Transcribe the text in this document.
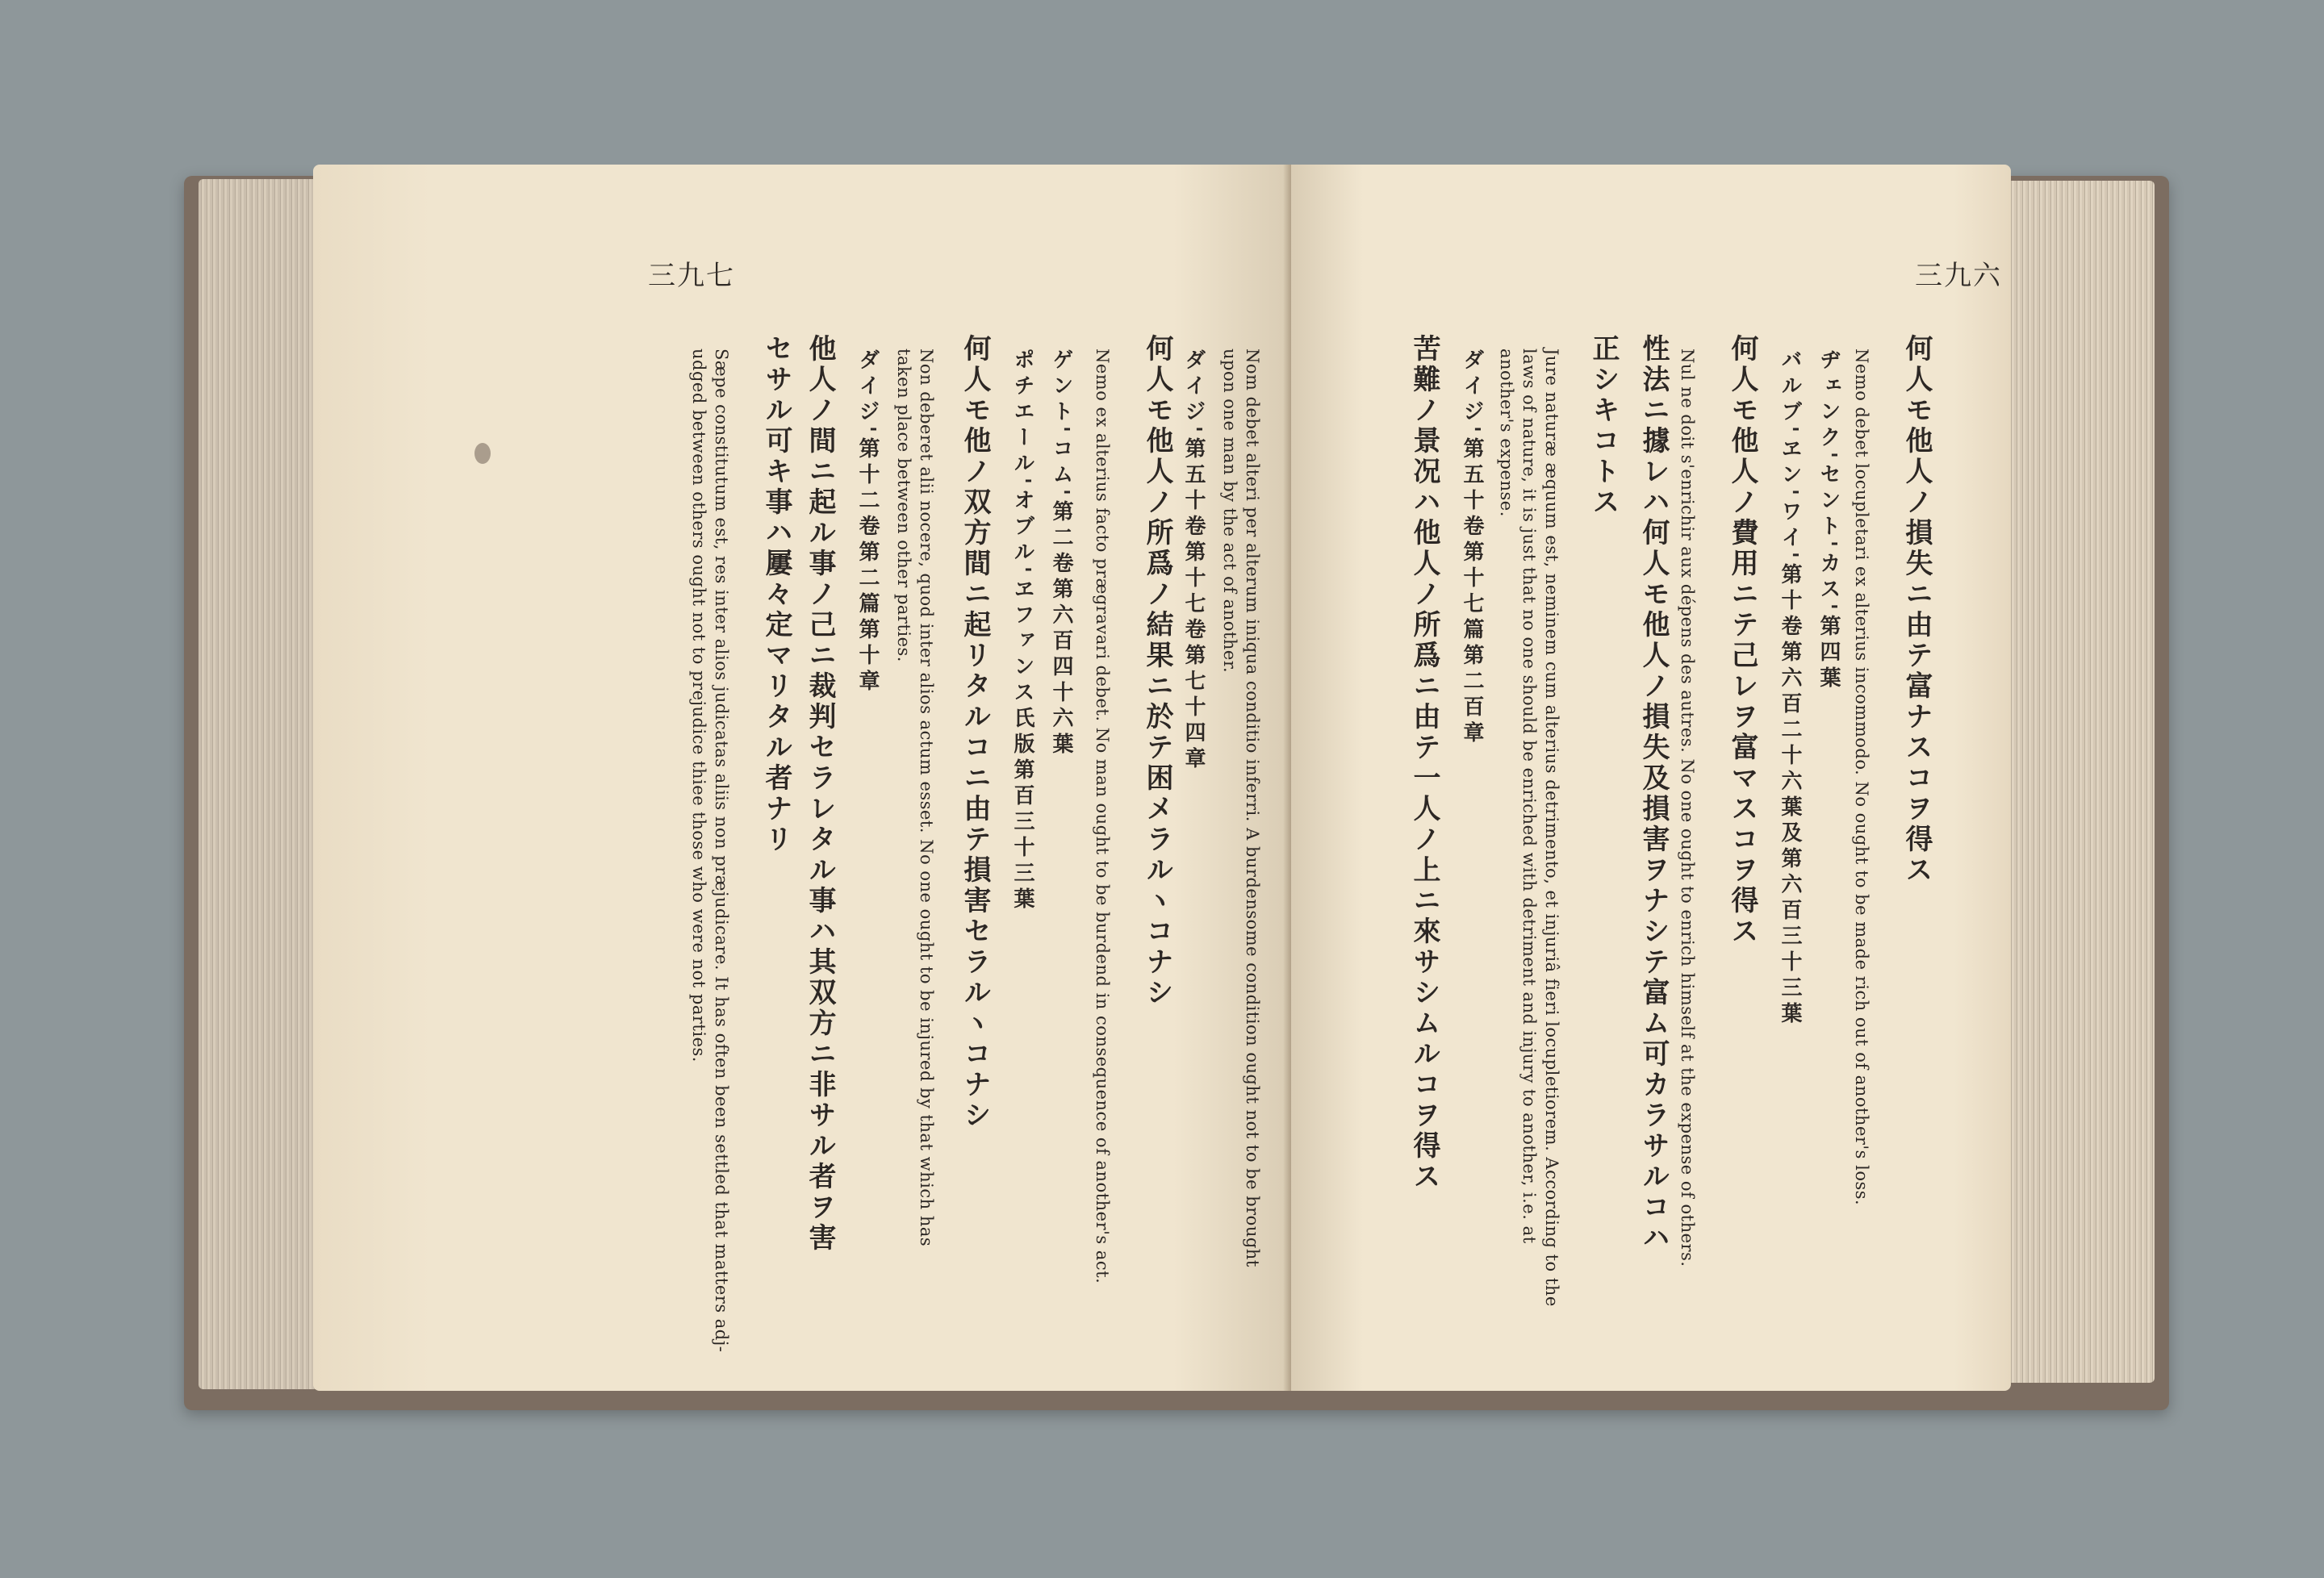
三九七
Nom debet alteri per alterum iniqua conditio inferri. A burdensome condition ought not to be brought
upon one man by the act of another.
ダイジ'第五十卷第十七卷第七十四章
何人モ他人ノ所爲ノ結果ニ於テ困メラルヽコナシ
Nemo ex alterius facto prægravari debet. No man ought to be burdend in consequence of another's act.
ゲント'コム'第二卷第六百四十六葉
ポチエール'オブル'ヱファンス氏版第百三十三葉
何人モ他ノ双方間ニ起リタルコニ由テ損害セラルヽコナシ
Non deberet alii nocere, quod inter alios actum esset. No one ought to be injured by that which has
taken place between other parties.
ダイジ'第十二卷第二篇第十章
他人ノ間ニ起ル事ノ己ニ裁判セラレタル事ハ其双方ニ非サル者ヲ害
セサル可キ事ハ屢々定マリタル者ナリ
Sæpe constitutum est, res inter alios judicatas aliis non præjudicare. It has often been settled that matters adj-
udged between others ought not to prejudice thiee those who were not parties.
三九六
何人モ他人ノ損失ニ由テ富ナスコヲ得ス
Nemo debet locupletari ex alterius incommodo. No ought to be made rich out of another's loss.
ヂェンク'セント'カス'第四葉
バルブ'ヱン'ワイ'第十卷第六百二十六葉及第六百三十三葉
何人モ他人ノ費用ニテ己レヲ富マスコヲ得ス
Nul ne doit s'enrichir aux dépens des autres. No one ought to enrich himself at the expense of others.
性法ニ據レハ何人モ他人ノ損失及損害ヲナシテ富ム可カラサルコハ
正シキコトス
Jure naturæ æquum est, neminem cum alterius detrimento, et injuriâ fieri locupletiorem. According to the
laws of nature, it is just that no one should be enriched with detriment and injury to another, i.e. at
another's expense.
ダイジ'第五十卷第十七篇第二百章
苦難ノ景况ハ他人ノ所爲ニ由テ一人ノ上ニ來サシムルコヲ得ス
